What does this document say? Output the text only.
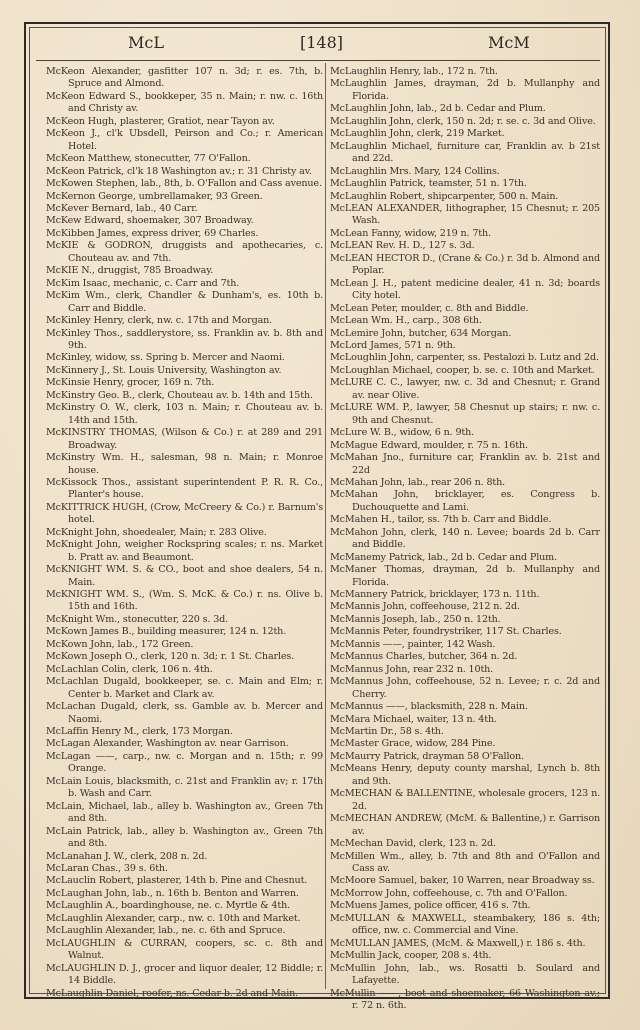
McL	[148]	McM

McKeon Alexander, gasfitter 107 n. 3d; r. es. 7th, b. Spruce and Almond.

McKeon Edward S., bookkeper, 35 n. Main; r. nw. c. 16th and Christy av.

McKeon Hugh, plasterer, Gratiot, near Tayon av.

McKeon J., cl'k Ubsdell, Peirson and Co.; r. American Hotel.

McKeon Matthew, stonecutter, 77 O'Fallon.

McKeon Patrick, cl'k 18 Washington av.; r. 31 Christy av.

McKowen Stephen, lab., 8th, b. O'Fallon and Cass avenue.

McKernon George, umbrellamaker, 93 Green.

McKever Bernard, lab., 40 Carr.

McKew Edward, shoemaker, 307 Broadway.

McKibben James, express driver, 69 Charles.

McKIE & GODRON, druggists and apothecaries, c. Chouteau av. and 7th.

McKIE N., druggist, 785 Broadway.

McKim Isaac, mechanic, c. Carr and 7th.

McKim Wm., clerk, Chandler & Dunham's, es. 10th b. Carr and Biddle.

McKinley Henry, clerk, nw. c. 17th and Morgan.

McKinley Thos., saddlerystore, ss. Franklin av. b. 8th and 9th.

McKinley, widow, ss. Spring b. Mercer and Naomi.

McKinnery J., St. Louis University, Washington av.

McKinsie Henry, grocer, 169 n. 7th.

McKinstry Geo. B., clerk, Chouteau av. b. 14th and 15th.

McKinstry O. W., clerk, 103 n. Main; r. Chouteau av. b. 14th and 15th.

McKINSTRY THOMAS, (Wilson & Co.) r. at 289 and 291 Broadway.

McKinstry Wm. H., salesman, 98 n. Main; r. Monroe house.

McKissock Thos., assistant superintendent P. R. R. Co., Planter's house.

McKITTRICK HUGH, (Crow, McCreery & Co.) r. Barnum's hotel.

McKnight John, shoedealer, Main; r. 283 Olive.

McKnight John, weigher Rockspring scales; r. ns. Market b. Pratt av. and Beaumont.

McKNIGHT WM. S. & CO., boot and shoe dealers, 54 n. Main.

McKNIGHT WM. S., (Wm. S. McK. & Co.) r. ns. Olive b. 15th and 16th.

McKnight Wm., stonecutter, 220 s. 3d.

McKown James B., building measurer, 124 n. 12th.

McKown John, lab., 172 Green.

McKown Joseph O., clerk, 120 n. 3d; r. 1 St. Charles.

McLachlan Colin, clerk, 106 n. 4th.

McLachlan Dugald, bookkeeper, se. c. Main and Elm; r. Center b. Market and Clark av.

McLachan Dugald, clerk, ss. Gamble av. b. Mercer and Naomi.

McLaffin Henry M., clerk, 173 Morgan.

McLagan Alexander, Washington av. near Garrison.

McLagan ——, carp., nw. c. Morgan and n. 15th; r. 99 Orange.

McLain Louis, blacksmith, c. 21st and Franklin av; r. 17th b. Wash and Carr.

McLain, Michael, lab., alley b. Washington av., Green 7th and 8th.

McLain Patrick, lab., alley b. Washington av., Green 7th and 8th.

McLanahan J. W., clerk, 208 n. 2d.

McLaran Chas., 39 s. 6th.

McLauclin Robert, plasterer, 14th b. Pine and Chesnut.

McLaughan John, lab., n. 16th b. Benton and Warren.

McLaughlin A., boardinghouse, ne. c. Myrtle & 4th.

McLaughlin Alexander, carp., nw. c. 10th and Market.

McLaughlin Alexander, lab., ne. c. 6th and Spruce.

McLAUGHLIN & CURRAN, coopers, sc. c. 8th and Walnut.

McLAUGHLIN D. J., grocer and liquor dealer, 12 Biddle; r. 14 Biddle.

McLaughlin Daniel, roofer, ns. Cedar b. 2d and Main.

McLaughlin Henry, lab., 172 n. 7th.

McLaughlin James, drayman, 2d b. Mullanphy and Florida.

McLaughlin John, lab., 2d b. Cedar and Plum.

McLaughlin John, clerk, 150 n. 2d; r. se. c. 3d and Olive.

McLaughlin John, clerk, 219 Market.

McLaughlin Michael, furniture car, Franklin av. b 21st and 22d.

McLaughlin Mrs. Mary, 124 Collins.

McLaughlin Patrick, teamster, 51 n. 17th.

McLaughlin Robert, shipcarpenter, 500 n. Main.

McLEAN ALEXANDER, lithographer, 15 Chesnut; r. 205 Wash.

McLean Fanny, widow, 219 n. 7th.

McLEAN Rev. H. D., 127 s. 3d.

McLEAN HECTOR D., (Crane & Co.) r. 3d b. Almond and Poplar.

McLean J. H., patent medicine dealer, 41 n. 3d; boards City hotel.

McLean Peter, moulder, c. 8th and Biddle.

McLean Wm. H., carp., 308 6th.

McLemire John, butcher, 634 Morgan.

McLord James, 571 n. 9th.

McLoughlin John, carpenter, ss. Pestalozi b. Lutz and 2d.

McLoughlan Michael, cooper, b. se. c. 10th and Market.

McLURE C. C., lawyer, nw. c. 3d and Chesnut; r. Grand av. near Olive.

McLURE WM. P., lawyer, 58 Chesnut up stairs; r. nw. c. 9th and Chesnut.

McLure W. B., widow, 6 n. 9th.

McMague Edward, moulder, r. 75 n. 16th.

McMahan Jno., furniture car, Franklin av. b. 21st and 22d

McMahan John, lab., rear 206 n. 8th.

McMahan John, bricklayer, es. Congress b. Duchouquette and Lami.

McMahen H., tailor, ss. 7th b. Carr and Biddle.

McMahon John, clerk, 140 n. Levee; boards 2d b. Carr and Biddle.

McManemy Patrick, lab., 2d b. Cedar and Plum.

McManer Thomas, drayman, 2d b. Mullanphy and Florida.

McMannery Patrick, bricklayer, 173 n. 11th.

McMannis John, coffeehouse, 212 n. 2d.

McMannis Joseph, lab., 250 n. 12th.

McMannis Peter, foundrystriker, 117 St. Charles.

McMannis ——, painter, 142 Wash.

McMannus Charles, butcher, 364 n. 2d.

McMannus John, rear 232 n. 10th.

McMannus John, coffeehouse, 52 n. Levee; r. c. 2d and Cherry.

McMannus ——, blacksmith, 228 n. Main.

McMara Michael, waiter, 13 n. 4th.

McMartin Dr., 58 s. 4th.

McMaster Grace, widow, 284 Pine.

McMaurry Patrick, drayman 58 O'Fallon.

McMeans Henry, deputy county marshal, Lynch b. 8th and 9th.

McMECHAN & BALLENTINE, wholesale grocers, 123 n. 2d.

McMECHAN ANDREW, (McM. & Ballentine,) r. Garrison av.

McMechan David, clerk, 123 n. 2d.

McMillen Wm., alley, b. 7th and 8th and O'Fallon and Cass av.

McMoore Samuel, baker, 10 Warren, near Broadway ss.

McMorrow John, coffeehouse, c. 7th and O'Fallon.

McMuens James, police officer, 416 s. 7th.

McMULLAN & MAXWELL, steambakery, 186 s. 4th; office, nw. c. Commercial and Vine.

McMULLAN JAMES, (McM. & Maxwell,) r. 186 s. 4th.

McMullin Jack, cooper, 208 s. 4th.

McMullin John, lab., ws. Rosatti b. Soulard and Lafayette.

McMullin ——, boot and shoemaker, 66 Washington av.; r. 72 n. 6th.
